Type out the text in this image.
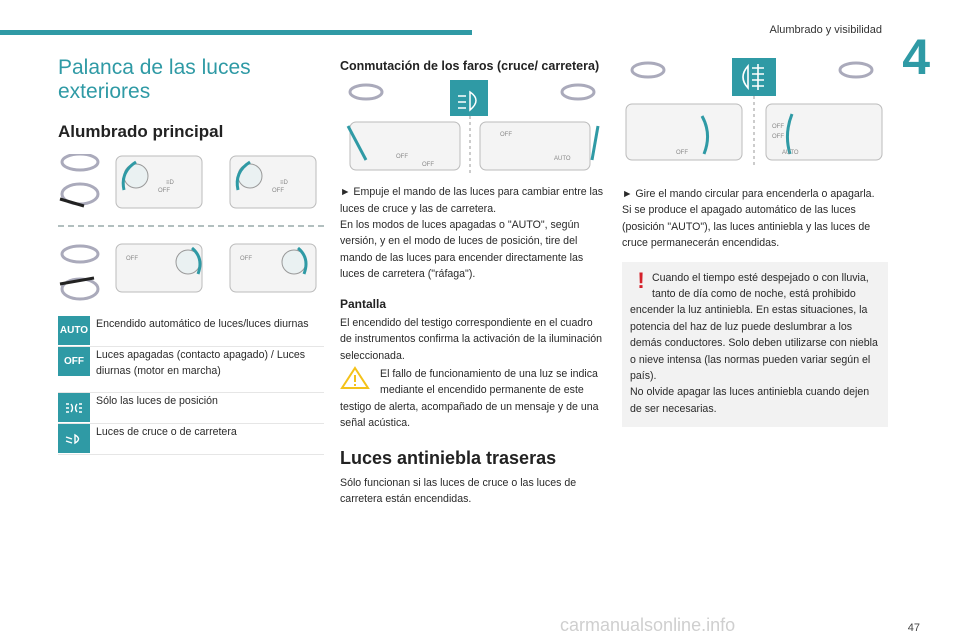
Alumbrado y visibilidad 4
Palanca de las luces exteriores
Alumbrado principal
OFF	OFF
OFF	OFF
≡D	≡D
AUTO
Encendido automático de luces/luces diurnas
OFF
Luces apagadas (contacto apagado) / Luces diurnas (motor en marcha)
Sólo las luces de posición
Luces de cruce o de carretera
Conmutación de los faros (cruce/ carretera)
OFF
OFF
OFF
AUTO

► Empuje el mando de las luces para cambiar entre las luces de cruce y las de carretera.

En los modos de luces apagadas o "AUTO", según versión, y en el modo de luces de posición, tire del mando de las luces para encender directamente las luces de carretera ("ráfaga").

Pantalla

El encendido del testigo correspondiente en el cuadro de instrumentos confirma la activación de la iluminación seleccionada.

El fallo de funcionamiento de una luz se indica mediante el encendido permanente de este testigo de alerta, acompañado de un mensaje y de una señal acústica.

Luces antiniebla traseras

Sólo funcionan si las luces de cruce o las luces de carretera están encendidas.

OFF
OFF
OFF
AUTO

► Gire el mando circular para encenderla o apagarla.

Si se produce el apagado automático de las luces (posición "AUTO"), las luces antiniebla y las luces de cruce permanecerán encendidas.

! Cuando el tiempo esté despejado o con lluvia, tanto de día como de noche, está prohibido encender la luz antiniebla. En estas situaciones, la potencia del haz de luz puede deslumbrar a los demás conductores. Solo deben utilizarse con niebla o nieve intensa (las normas pueden variar según el país).

No olvide apagar las luces antiniebla cuando dejen de ser necesarias.

carmanualsonline.info	47
